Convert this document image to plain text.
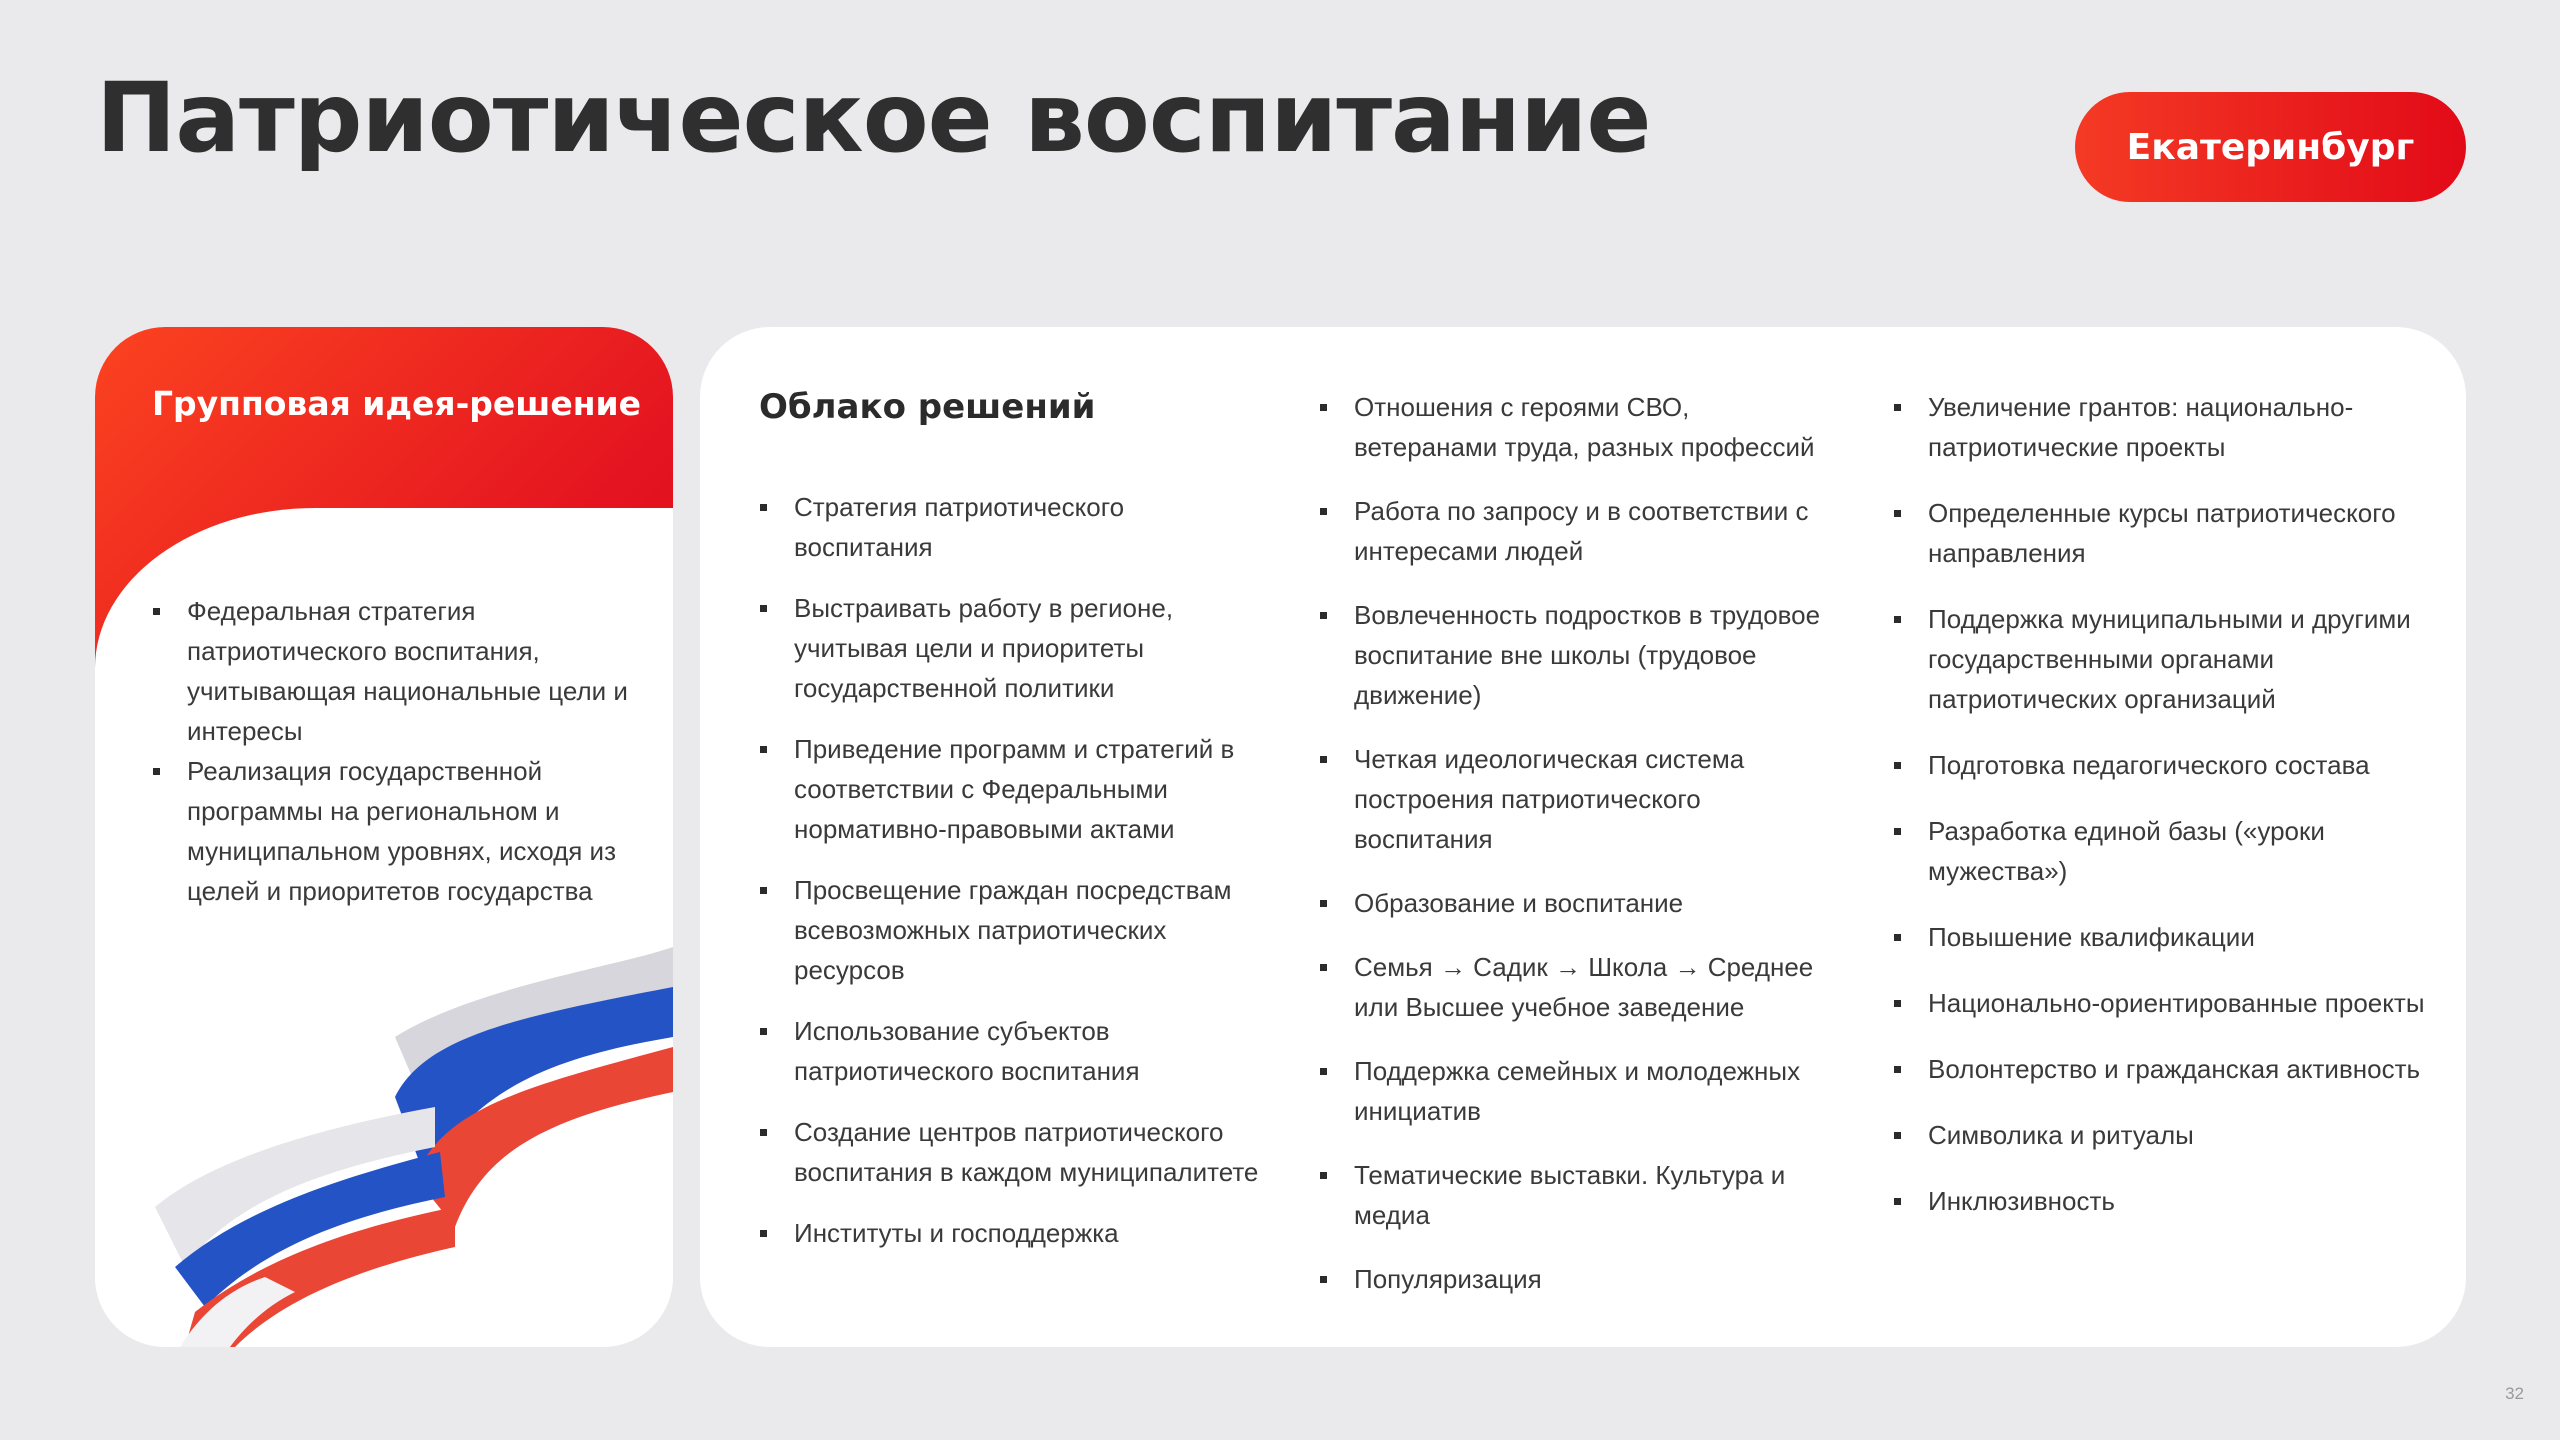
Патриотическое воспитание	Екатеринбург
Групповая идея-решение
Федеральная стратегия патриотического воспитания, учитывающая национальные цели и интересы
Реализация государственной программы на региональном и муниципальном уровнях, исходя из целей и приоритетов государства
Облако решений
Стратегия патриотического воспитания
Выстраивать работу в регионе, учитывая цели и приоритеты государственной политики
Приведение программ и стратегий в соответствии с Федеральными нормативно-правовыми актами
Просвещение граждан посредствам всевозможных патриотических ресурсов
Использование субъектов патриотического воспитания
Создание центров патриотического воспитания в каждом муниципалитете
Институты и господдержка
Отношения с героями СВО, ветеранами труда, разных профессий
Работа по запросу и в соответствии с интересами людей
Вовлеченность подростков в трудовое воспитание вне школы (трудовое движение)
Четкая идеологическая система построения патриотического воспитания
Образование и воспитание
Семья → Садик → Школа → Среднее или Высшее учебное заведение
Поддержка семейных и молодежных инициатив
Тематические выставки. Культура и медиа
Популяризация
Увеличение грантов: национально-патриотические проекты
Определенные курсы патриотического направления
Поддержка муниципальными и другими государственными органами патриотических организаций
Подготовка педагогического состава
Разработка единой базы («уроки мужества»)
Повышение квалификации
Национально-ориентированные проекты
Волонтерство и гражданская активность
Символика и ритуалы
Инклюзивность
32
